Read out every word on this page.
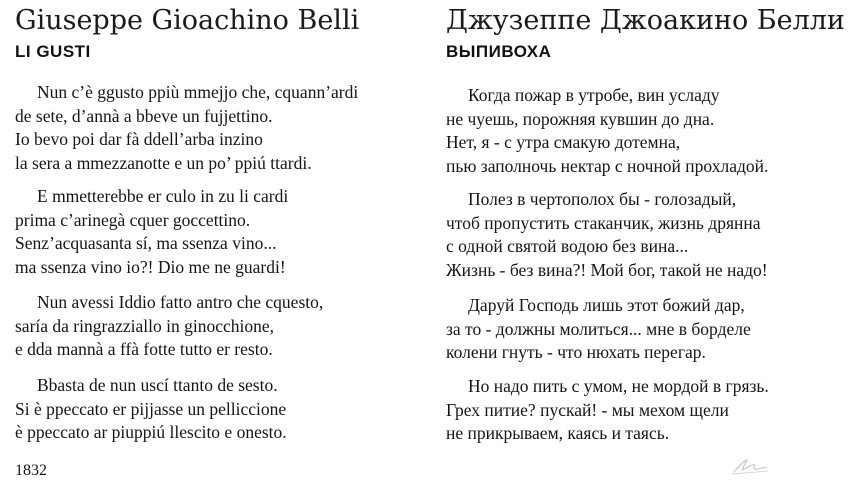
Giuseppe Gioachino Belli
LI GUSTI
Nun c’è ggusto ppiù mmejjo che, cquann’ardi
de sete, d’annà a bbeve un fujjettino.
Io bevo poi dar fà ddell’arba inzino
la sera a mmezzanotte e un po’ ppiú ttardi.
E mmetterebbe er culo in zu li cardi
prima c’arinegà cquer goccettino.
Senz’acquasanta sí, ma ssenza vino...
ma ssenza vino io?! Dio me ne guardi!
Nun avessi Iddio fatto antro che cquesto,
saría da ringrazziallo in ginocchione,
e dda mannà a ffà fotte tutto er resto.
Bbasta de nun uscí ttanto de sesto.
Si è ppeccato er pijjasse un pelliccione
è ppeccato ar piuppiú llescito e onesto.
1832
Джузеппе Джоакино Белли
ВЫПИВОХА
Когда пожар в утробе, вин усладу
не чуешь, порожняя кувшин до дна.
Нет, я - с утра смакую дотемна,
пью заполночь нектар с ночной прохладой.
Полез в чертополох бы - голозадый,
чтоб пропустить стаканчик, жизнь дрянна
с одной святой водою без вина...
Жизнь - без вина?! Мой бог, такой не надо!
Даруй Господь лишь этот божий дар,
за то - должны молиться... мне в борделе
колени гнуть - что нюхать перегар.
Но надо пить с умом, не мордой в грязь.
Грех питие? пускай! - мы мехом щели
не прикрываем, каясь и таясь.
